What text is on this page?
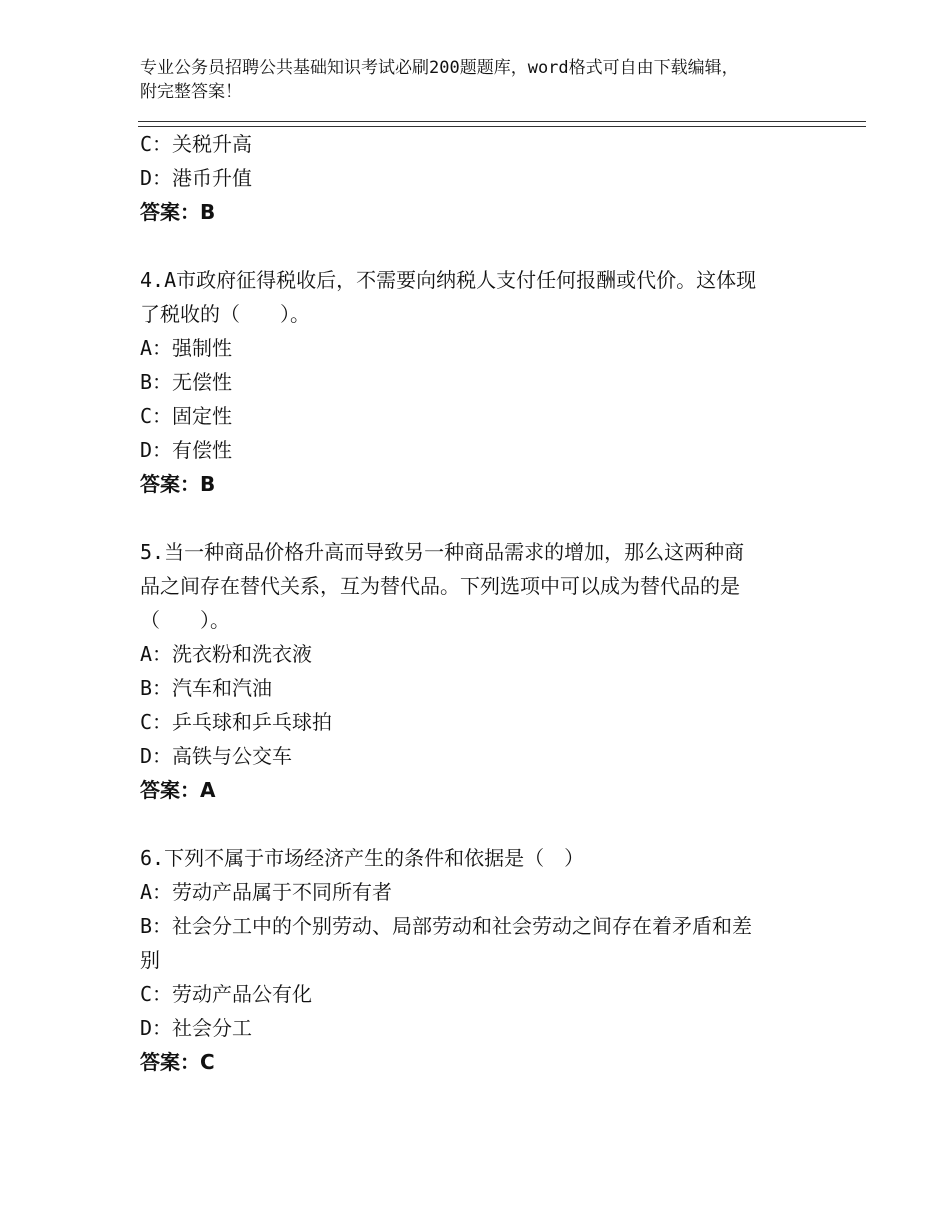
专业公务员招聘公共基础知识考试必刷200题题库，word格式可自由下载编辑，
附完整答案！
C：关税升高
D：港币升值
答案：B
4.A市政府征得税收后，不需要向纳税人支付任何报酬或代价。这体现
了税收的（　　）。
A：强制性
B：无偿性
C：固定性
D：有偿性
答案：B
5.当一种商品价格升高而导致另一种商品需求的增加，那么这两种商
品之间存在替代关系，互为替代品。下列选项中可以成为替代品的是
（　　）。
A：洗衣粉和洗衣液
B：汽车和汽油
C：乒乓球和乒乓球拍
D：高铁与公交车
答案：A
6.下列不属于市场经济产生的条件和依据是（　）
A：劳动产品属于不同所有者
B：社会分工中的个别劳动、局部劳动和社会劳动之间存在着矛盾和差
别
C：劳动产品公有化
D：社会分工
答案：C
